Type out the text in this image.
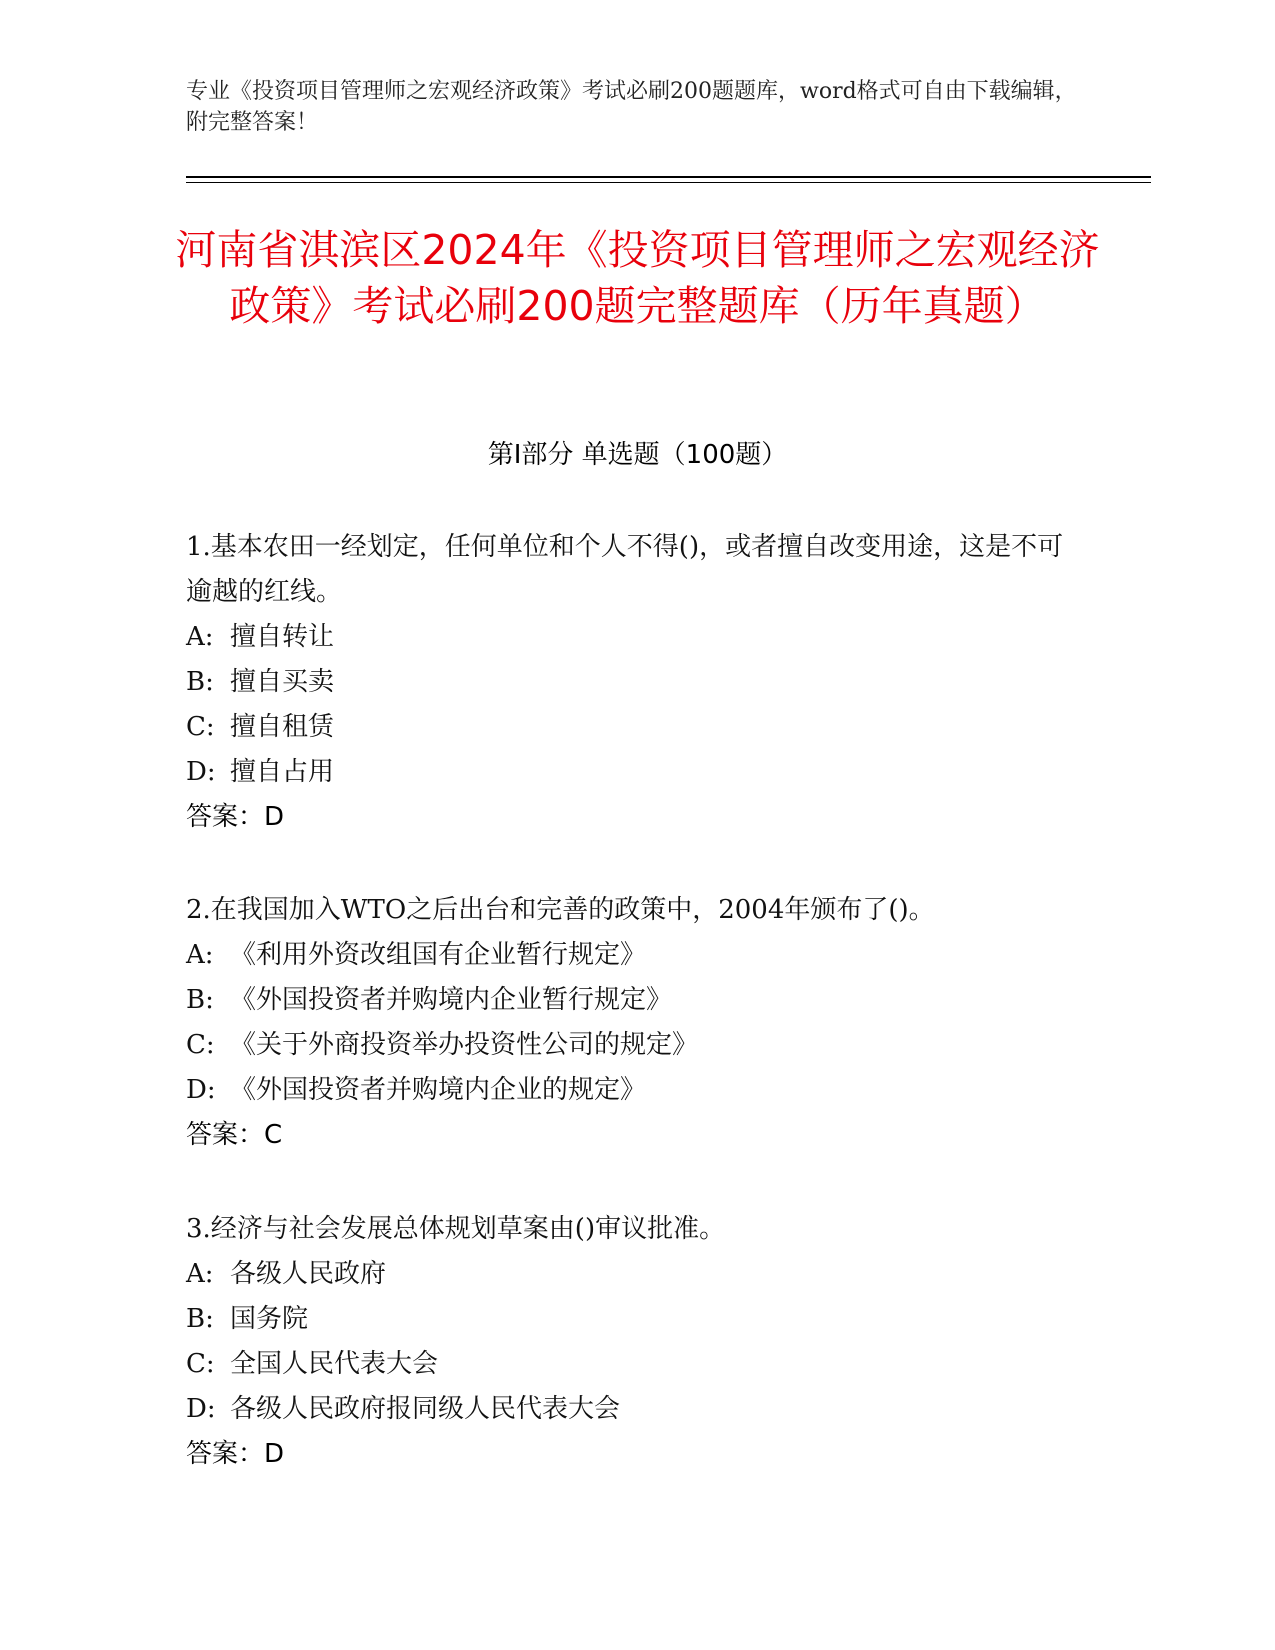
专业《投资项目管理师之宏观经济政策》考试必刷200题题库，word格式可自由下载编辑，附完整答案！
河南省淇滨区2024年《投资项目管理师之宏观经济政策》考试必刷200题完整题库（历年真题）
第I部分 单选题（100题）
1.基本农田一经划定，任何单位和个人不得()，或者擅自改变用途，这是不可逾越的红线。
A: 擅自转让
B: 擅自买卖
C: 擅自租赁
D: 擅自占用
答案：D
2.在我国加入WTO之后出台和完善的政策中，2004年颁布了()。
A: 《利用外资改组国有企业暂行规定》
B: 《外国投资者并购境内企业暂行规定》
C: 《关于外商投资举办投资性公司的规定》
D: 《外国投资者并购境内企业的规定》
答案：C
3.经济与社会发展总体规划草案由()审议批准。
A: 各级人民政府
B: 国务院
C: 全国人民代表大会
D: 各级人民政府报同级人民代表大会
答案：D
